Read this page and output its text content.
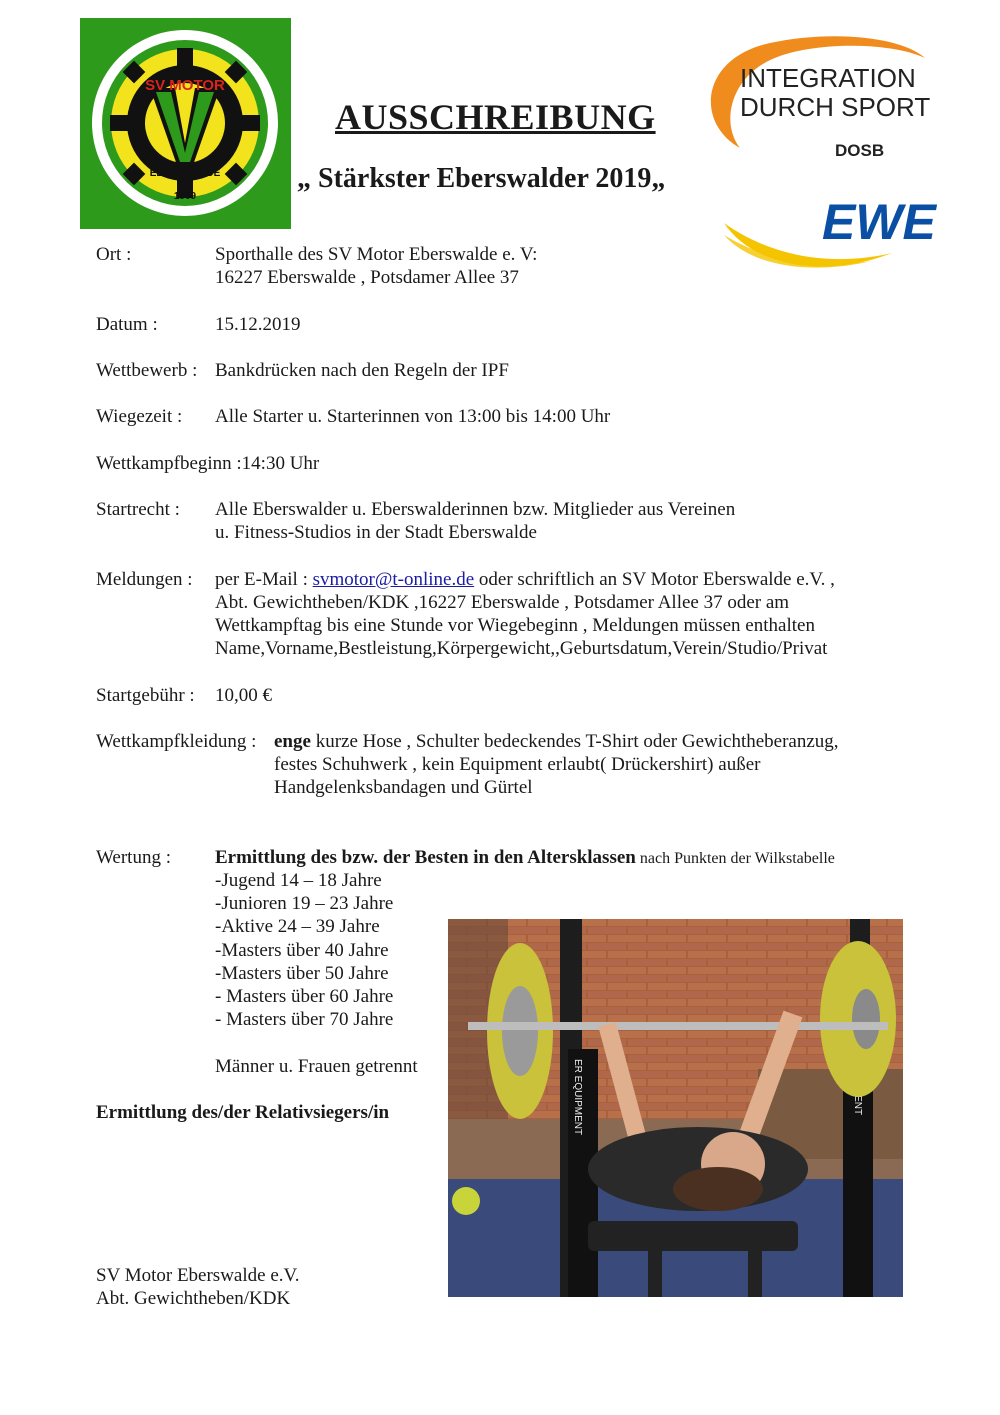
SV MOTOR
EBERSWALDE
1909
INTEGRATION
DURCH SPORT
DOSB
EWE
AUSSCHREIBUNG
„ Stärkster Eberswalder 2019„
Ort :	Sporthalle des SV Motor Eberswalde e. V:
16227 Eberswalde , Potsdamer Allee 37
Datum :	15.12.2019
Wettbewerb : Bankdrücken nach den Regeln der IPF
Wiegezeit : Alle Starter u. Starterinnen von 13:00 bis 14:00 Uhr
Wettkampfbeginn :14:30 Uhr
Startrecht : Alle Eberswalder u. Eberswalderinnen bzw. Mitglieder aus Vereinen
u. Fitness-Studios in der Stadt Eberswalde
Meldungen : per E-Mail : svmotor@t-online.de oder schriftlich an SV Motor Eberswalde e.V. ,
Abt. Gewichtheben/KDK ,16227 Eberswalde , Potsdamer Allee 37 oder am
Wettkampftag bis eine Stunde vor Wiegebeginn , Meldungen müssen enthalten
Name,Vorname,Bestleistung,Körpergewicht,,Geburtsdatum,Verein/Studio/Privat
Startgebühr : 10,00 €
Wettkampfkleidung : enge kurze Hose , Schulter bedeckendes T-Shirt oder Gewichtheberanzug,
festes Schuhwerk , kein Equipment erlaubt( Drückershirt) außer
Handgelenksbandagen und Gürtel
Wertung : Ermittlung des bzw. der Besten in den Altersklassen nach Punkten der Wilkstabelle
-Jugend 14 – 18 Jahre
-Junioren 19 – 23 Jahre
-Aktive 24 – 39 Jahre
-Masters über 40 Jahre
-Masters über 50 Jahre
- Masters über 60 Jahre
- Masters über 70 Jahre
Männer u. Frauen getrennt
Ermittlung des/der Relativsiegers/in	ER EQUIPMENT
SV Motor Eberswalde e.V.
Abt. Gewichtheben/KDK
